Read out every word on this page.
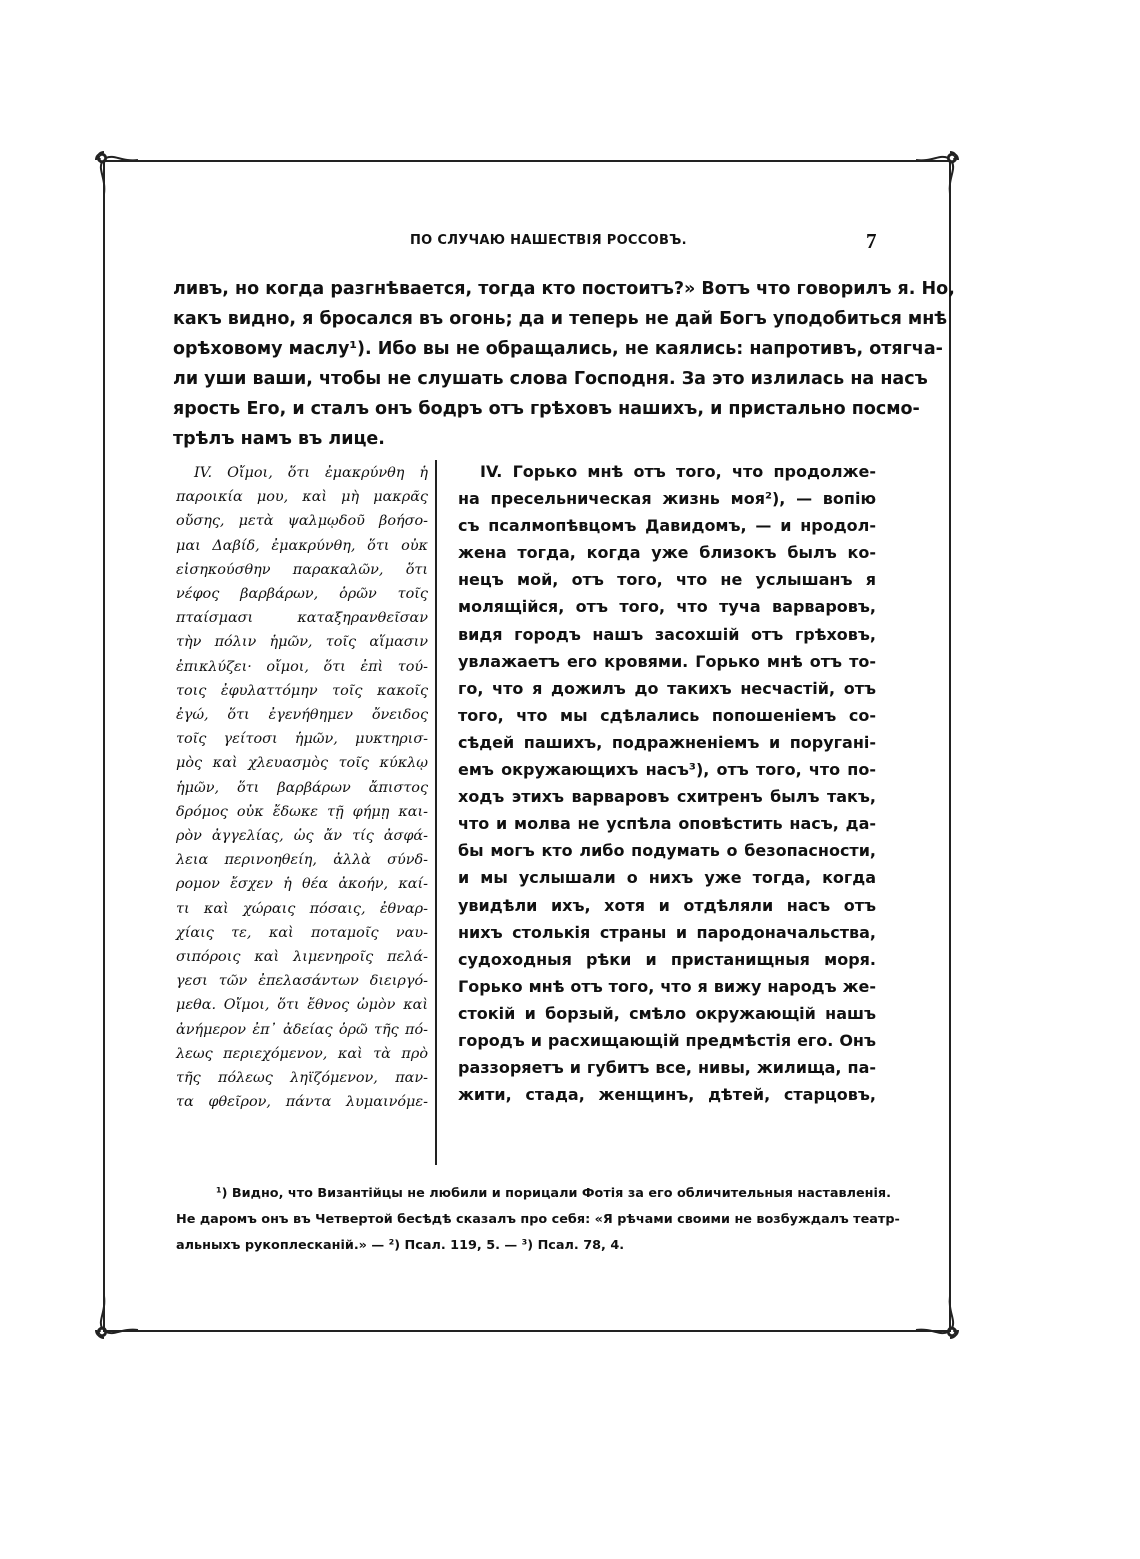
ПО СЛУЧАЮ НАШЕСТВІЯ РОССОВЪ.	7
ливъ, но когда разгнѣвается, тогда кто постоитъ?» Вотъ что говорилъ я. Но,
какъ видно, я бросался въ огонь; да и теперь не дай Богъ уподобиться мнѣ
орѣховому маслу¹). Ибо вы не обращались, не каялись: напротивъ, отягча-
ли уши ваши, чтобы не слушать слова Господня. За это излилась на насъ
ярость Его, и сталъ онъ бодръ отъ грѣховъ нашихъ, и пристально посмо-
трѣлъ намъ въ лице.
IV. Οἴμοι, ὅτι ἐμακρύνθη ἡ
παροικία μου, καὶ μὴ μακρᾶς
οὔσης, μετὰ ψαλμῳδοῦ βοήσο-
μαι Δαβίδ, ἐμακρύνθη, ὅτι οὐκ
εἰσηκούσθην παρακαλῶν, ὅτι
νέφος βαρβάρων, ὁρῶν τοῖς
πταίσμασι καταξηρανθεῖσαν
τὴν πόλιν ἡμῶν, τοῖς αἵμασιν
ἐπικλύζει· οἴμοι, ὅτι ἐπὶ τού-
τοις ἐφυλαττόμην τοῖς κακοῖς
ἐγώ, ὅτι ἐγενήθημεν ὄνειδος
τοῖς γείτοσι ἡμῶν, μυκτηρισ-
μὸς καὶ χλευασμὸς τοῖς κύκλῳ
ἡμῶν, ὅτι βαρβάρων ἄπιστος
δρόμος οὐκ ἔδωκε τῇ φήμῃ και-
ρὸν ἀγγελίας, ὡς ἄν τίς ἀσφά-
λεια περινοηθείη, ἀλλὰ σύνδ-
ρομον ἔσχεν ἡ θέα ἀκοήν, καί-
τι καὶ χώραις πόσαις, ἐθναρ-
χίαις τε, καὶ ποταμοῖς ναυ-
σιπόροις καὶ λιμενηροῖς πελά-
γεσι τῶν ἐπελασάντων διειργό-
μεθα. Οἴμοι, ὅτι ἔθνος ὠμὸν καὶ
ἀνήμερον ἐπ᾽ ἀδείας ὁρῶ τῆς πό-
λεως περιεχόμενον, καὶ τὰ πρὸ
τῆς πόλεως ληϊζόμενον, παν-
τα φθεῖρον, πάντα λυμαινόμε-
IV. Горько мнѣ отъ того, что продолже-
на пресельническая жизнь моя²), — вопію
съ псалмопѣвцомъ Давидомъ, — и нродол-
жена тогда, когда уже близокъ былъ ко-
нецъ мой, отъ того, что не услышанъ я
молящійся, отъ того, что туча варваровъ,
видя городъ нашъ засохшій отъ грѣховъ,
увлажаетъ его кровями. Горько мнѣ отъ то-
го, что я дожилъ до такихъ несчастій, отъ
того, что мы сдѣлались попошеніемъ со-
сѣдей пашихъ, подражненіемъ и поругані-
емъ окружающихъ насъ³), отъ того, что по-
ходъ этихъ варваровъ схитренъ былъ такъ,
что и молва не успѣла оповѣстить насъ, да-
бы могъ кто либо подумать о безопасности,
и мы услышали о нихъ уже тогда, когда
увидѣли ихъ, хотя и отдѣляли насъ отъ
нихъ столькія страны и пародоначальства,
судоходныя рѣки и пристанищныя моря.
Горько мнѣ отъ того, что я вижу народъ же-
стокій и борзый, смѣло окружающій нашъ
городъ и расхищающій предмѣстія его. Онъ
раззоряетъ и губитъ все, нивы, жилища, па-
жити, стада, женщинъ, дѣтей, старцовъ,
¹) Видно, что Византійцы не любили и порицали Фотія за его обличительныя наставленія.
Не даромъ онъ въ Четвертой бесѣдѣ сказалъ про себя: «Я рѣчами своими не возбуждалъ театр-
альныхъ рукоплесканій.» — ²) Псал. 119, 5. — ³) Псал. 78, 4.
